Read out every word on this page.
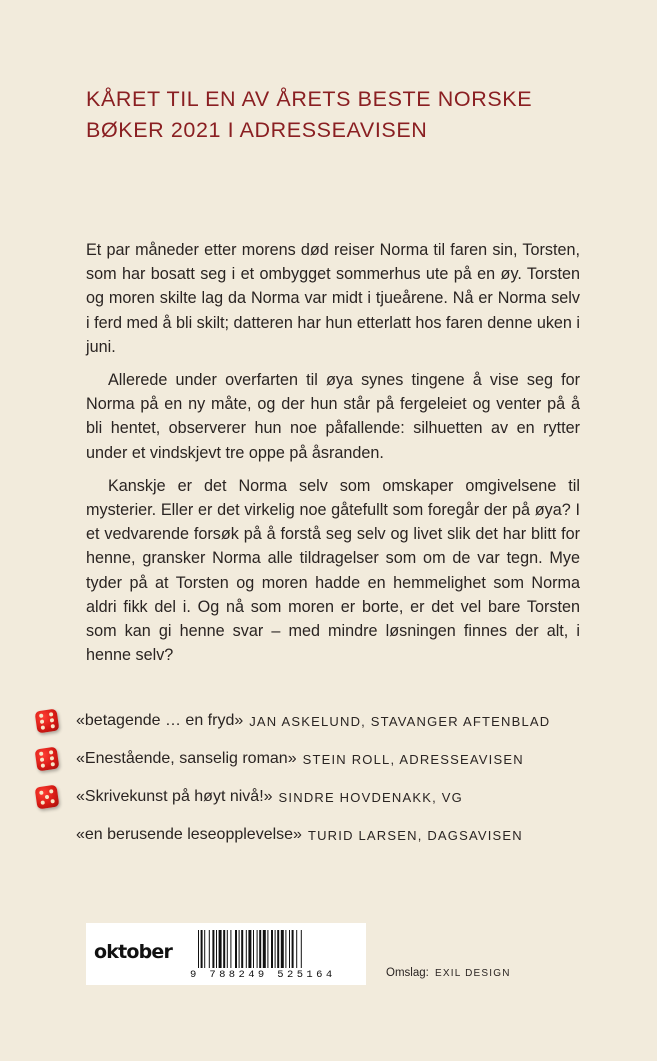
KÅRET TIL EN AV ÅRETS BESTE NORSKE
BØKER 2021 I ADRESSEAVISEN

Et par måneder etter morens død reiser Norma til faren sin, Torsten, som har bosatt seg i et ombygget sommerhus ute på en øy. Torsten og moren skilte lag da Norma var midt i tjueårene. Nå er Norma selv i ferd med å bli skilt; datteren har hun etterlatt hos faren denne uken i juni.

Allerede under overfarten til øya synes tingene å vise seg for Norma på en ny måte, og der hun står på fergeleiet og venter på å bli hentet, observerer hun noe påfallende: silhuetten av en rytter under et vindskjevt tre oppe på åsranden.

Kanskje er det Norma selv som omskaper omgivelsene til mysterier. Eller er det virkelig noe gåtefullt som foregår der på øya? I et vedvarende forsøk på å forstå seg selv og livet slik det har blitt for henne, gransker Norma alle tildragelser som om de var tegn. Mye tyder på at Torsten og moren hadde en hemmelighet som Norma aldri fikk del i. Og nå som moren er borte, er det vel bare Torsten som kan gi henne svar – med mindre løsningen finnes der alt, i henne selv?

«betagende … en fryd» JAN ASKELUND, STAVANGER AFTENBLAD
«Enestående, sanselig roman» STEIN ROLL, ADRESSEAVISEN
«Skrivekunst på høyt nivå!» SINDRE HOVDENAKK, VG
«en berusende leseopplevelse» TURID LARSEN, DAGSAVISEN
oktober
9 788249 525164	Omslag: EXIL DESIGN
